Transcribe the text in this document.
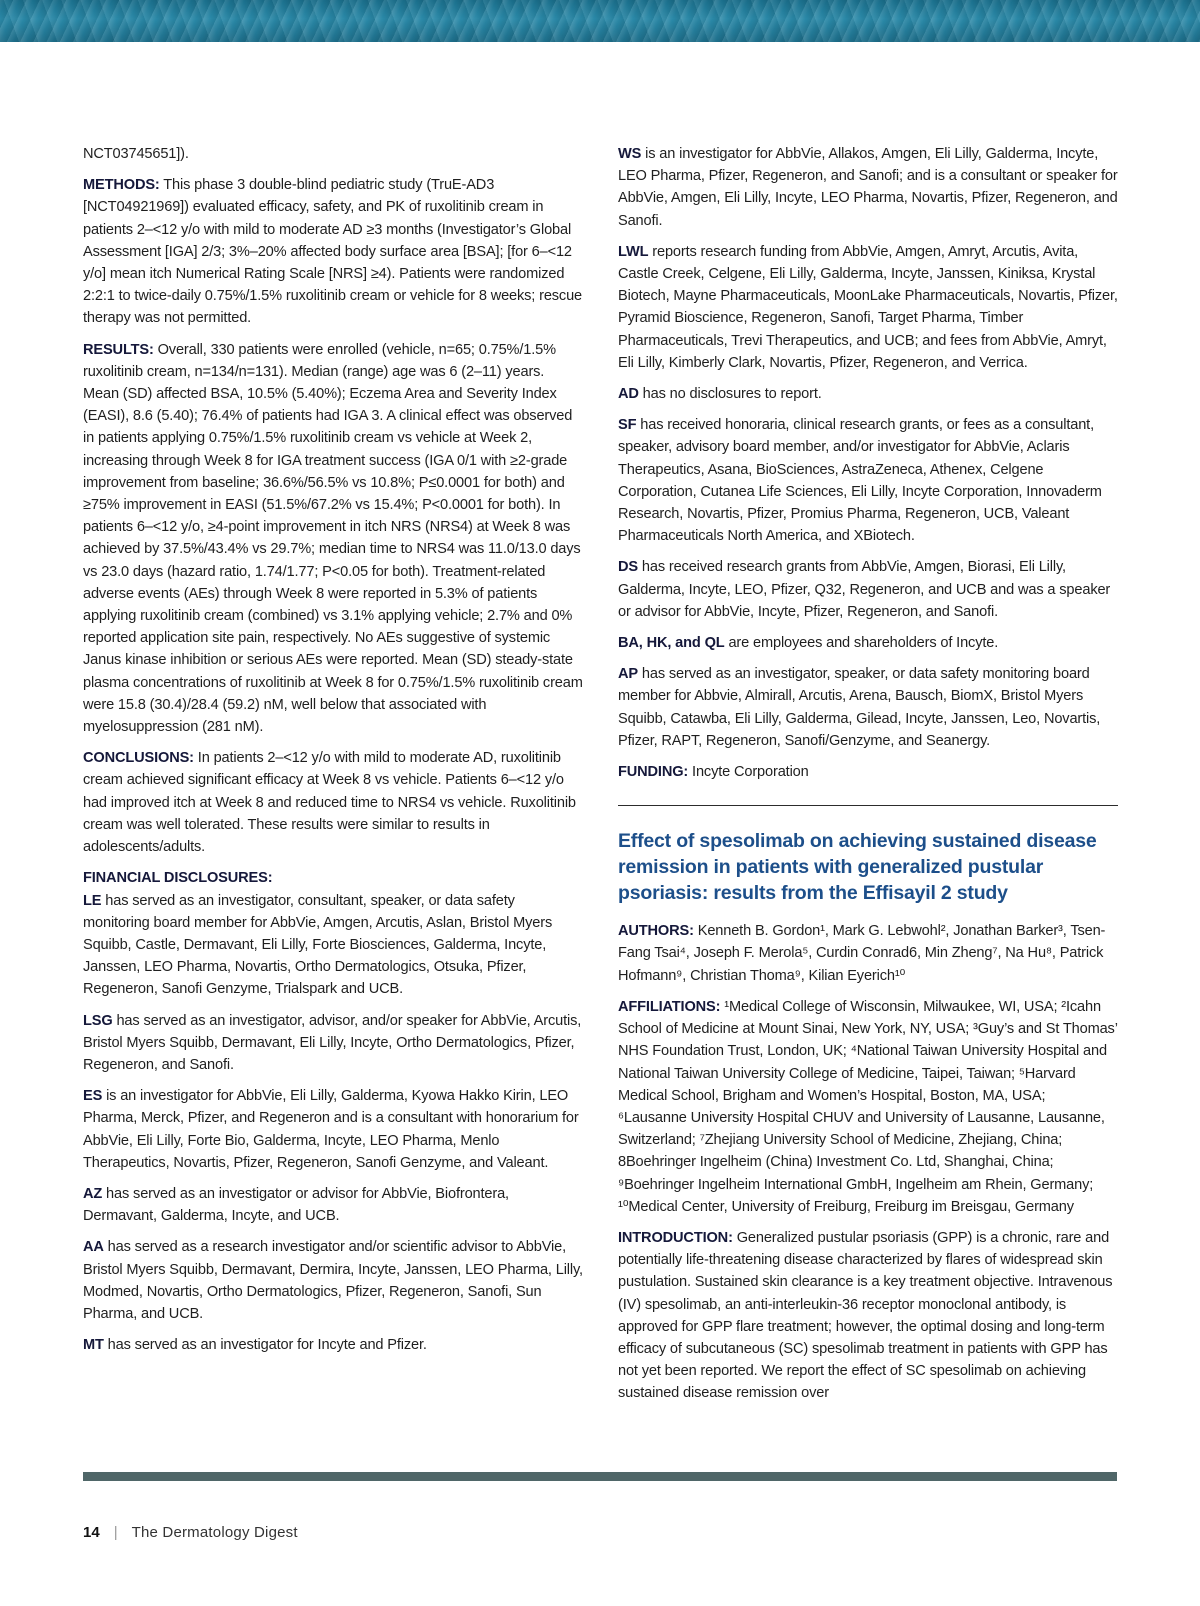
NCT03745651]).

METHODS: This phase 3 double-blind pediatric study (TruE-AD3 [NCT04921969]) evaluated efficacy, safety, and PK of ruxolitinib cream in patients 2–<12 y/o with mild to moderate AD ≥3 months (Investigator’s Global Assessment [IGA] 2/3; 3%–20% affected body surface area [BSA]; [for 6–<12 y/o] mean itch Numerical Rating Scale [NRS] ≥4). Patients were randomized 2:2:1 to twice-daily 0.75%/1.5% ruxolitinib cream or vehicle for 8 weeks; rescue therapy was not permitted.

RESULTS: Overall, 330 patients were enrolled (vehicle, n=65; 0.75%/1.5% ruxolitinib cream, n=134/n=131). Median (range) age was 6 (2–11) years. Mean (SD) affected BSA, 10.5% (5.40%); Eczema Area and Severity Index (EASI), 8.6 (5.40); 76.4% of patients had IGA 3. A clinical effect was observed in patients applying 0.75%/1.5% ruxolitinib cream vs vehicle at Week 2, increasing through Week 8 for IGA treatment success (IGA 0/1 with ≥2-grade improvement from baseline; 36.6%/56.5% vs 10.8%; P≤0.0001 for both) and ≥75% improvement in EASI (51.5%/67.2% vs 15.4%; P<0.0001 for both). In patients 6–<12 y/o, ≥4-point improvement in itch NRS (NRS4) at Week 8 was achieved by 37.5%/43.4% vs 29.7%; median time to NRS4 was 11.0/13.0 days vs 23.0 days (hazard ratio, 1.74/1.77; P<0.05 for both). Treatment-related adverse events (AEs) through Week 8 were reported in 5.3% of patients applying ruxolitinib cream (combined) vs 3.1% applying vehicle; 2.7% and 0% reported application site pain, respectively. No AEs suggestive of systemic Janus kinase inhibition or serious AEs were reported. Mean (SD) steady-state plasma concentrations of ruxolitinib at Week 8 for 0.75%/1.5% ruxolitinib cream were 15.8 (30.4)/28.4 (59.2) nM, well below that associated with myelosuppression (281 nM).

CONCLUSIONS: In patients 2–<12 y/o with mild to moderate AD, ruxolitinib cream achieved significant efficacy at Week 8 vs vehicle. Patients 6–<12 y/o had improved itch at Week 8 and reduced time to NRS4 vs vehicle. Ruxolitinib cream was well tolerated. These results were similar to results in adolescents/adults.

FINANCIAL DISCLOSURES:

LE has served as an investigator, consultant, speaker, or data safety monitoring board member for AbbVie, Amgen, Arcutis, Aslan, Bristol Myers Squibb, Castle, Dermavant, Eli Lilly, Forte Biosciences, Galderma, Incyte, Janssen, LEO Pharma, Novartis, Ortho Dermatologics, Otsuka, Pfizer, Regeneron, Sanofi Genzyme, Trialspark and UCB.

LSG has served as an investigator, advisor, and/or speaker for AbbVie, Arcutis, Bristol Myers Squibb, Dermavant, Eli Lilly, Incyte, Ortho Dermatologics, Pfizer, Regeneron, and Sanofi.

ES is an investigator for AbbVie, Eli Lilly, Galderma, Kyowa Hakko Kirin, LEO Pharma, Merck, Pfizer, and Regeneron and is a consultant with honorarium for AbbVie, Eli Lilly, Forte Bio, Galderma, Incyte, LEO Pharma, Menlo Therapeutics, Novartis, Pfizer, Regeneron, Sanofi Genzyme, and Valeant.

AZ has served as an investigator or advisor for AbbVie, Biofrontera, Dermavant, Galderma, Incyte, and UCB.

AA has served as a research investigator and/or scientific advisor to AbbVie, Bristol Myers Squibb, Dermavant, Dermira, Incyte, Janssen, LEO Pharma, Lilly, Modmed, Novartis, Ortho Dermatologics, Pfizer, Regeneron, Sanofi, Sun Pharma, and UCB.

MT has served as an investigator for Incyte and Pfizer.

WS is an investigator for AbbVie, Allakos, Amgen, Eli Lilly, Galderma, Incyte, LEO Pharma, Pfizer, Regeneron, and Sanofi; and is a consultant or speaker for AbbVie, Amgen, Eli Lilly, Incyte, LEO Pharma, Novartis, Pfizer, Regeneron, and Sanofi.

LWL reports research funding from AbbVie, Amgen, Amryt, Arcutis, Avita, Castle Creek, Celgene, Eli Lilly, Galderma, Incyte, Janssen, Kiniksa, Krystal Biotech, Mayne Pharmaceuticals, MoonLake Pharmaceuticals, Novartis, Pfizer, Pyramid Bioscience, Regeneron, Sanofi, Target Pharma, Timber Pharmaceuticals, Trevi Therapeutics, and UCB; and fees from AbbVie, Amryt, Eli Lilly, Kimberly Clark, Novartis, Pfizer, Regeneron, and Verrica.

AD has no disclosures to report.

SF has received honoraria, clinical research grants, or fees as a consultant, speaker, advisory board member, and/or investigator for AbbVie, Aclaris Therapeutics, Asana, BioSciences, AstraZeneca, Athenex, Celgene Corporation, Cutanea Life Sciences, Eli Lilly, Incyte Corporation, Innovaderm Research, Novartis, Pfizer, Promius Pharma, Regeneron, UCB, Valeant Pharmaceuticals North America, and XBiotech.

DS has received research grants from AbbVie, Amgen, Biorasi, Eli Lilly, Galderma, Incyte, LEO, Pfizer, Q32, Regeneron, and UCB and was a speaker or advisor for AbbVie, Incyte, Pfizer, Regeneron, and Sanofi.

BA, HK, and QL are employees and shareholders of Incyte.

AP has served as an investigator, speaker, or data safety monitoring board member for Abbvie, Almirall, Arcutis, Arena, Bausch, BiomX, Bristol Myers Squibb, Catawba, Eli Lilly, Galderma, Gilead, Incyte, Janssen, Leo, Novartis, Pfizer, RAPT, Regeneron, Sanofi/Genzyme, and Seanergy.

FUNDING: Incyte Corporation

Effect of spesolimab on achieving sustained disease remission in patients with generalized pustular psoriasis: results from the Effisayil 2 study

AUTHORS: Kenneth B. Gordon¹, Mark G. Lebwohl², Jonathan Barker³, Tsen-Fang Tsai⁴, Joseph F. Merola⁵, Curdin Conrad6, Min Zheng⁷, Na Hu⁸, Patrick Hofmann⁹, Christian Thoma⁹, Kilian Eyerich¹⁰

AFFILIATIONS: ¹Medical College of Wisconsin, Milwaukee, WI, USA; ²Icahn School of Medicine at Mount Sinai, New York, NY, USA; ³Guy’s and St Thomas’ NHS Foundation Trust, London, UK; ⁴National Taiwan University Hospital and National Taiwan University College of Medicine, Taipei, Taiwan; ⁵Harvard Medical School, Brigham and Women’s Hospital, Boston, MA, USA; ⁶Lausanne University Hospital CHUV and University of Lausanne, Lausanne, Switzerland; ⁷Zhejiang University School of Medicine, Zhejiang, China; 8Boehringer Ingelheim (China) Investment Co. Ltd, Shanghai, China; ⁹Boehringer Ingelheim International GmbH, Ingelheim am Rhein, Germany; ¹⁰Medical Center, University of Freiburg, Freiburg im Breisgau, Germany

INTRODUCTION: Generalized pustular psoriasis (GPP) is a chronic, rare and potentially life-threatening disease characterized by flares of widespread skin pustulation. Sustained skin clearance is a key treatment objective. Intravenous (IV) spesolimab, an anti-interleukin-36 receptor monoclonal antibody, is approved for GPP flare treatment; however, the optimal dosing and long-term efficacy of subcutaneous (SC) spesolimab treatment in patients with GPP has not yet been reported. We report the effect of SC spesolimab on achieving sustained disease remission over

14 | The Dermatology Digest
